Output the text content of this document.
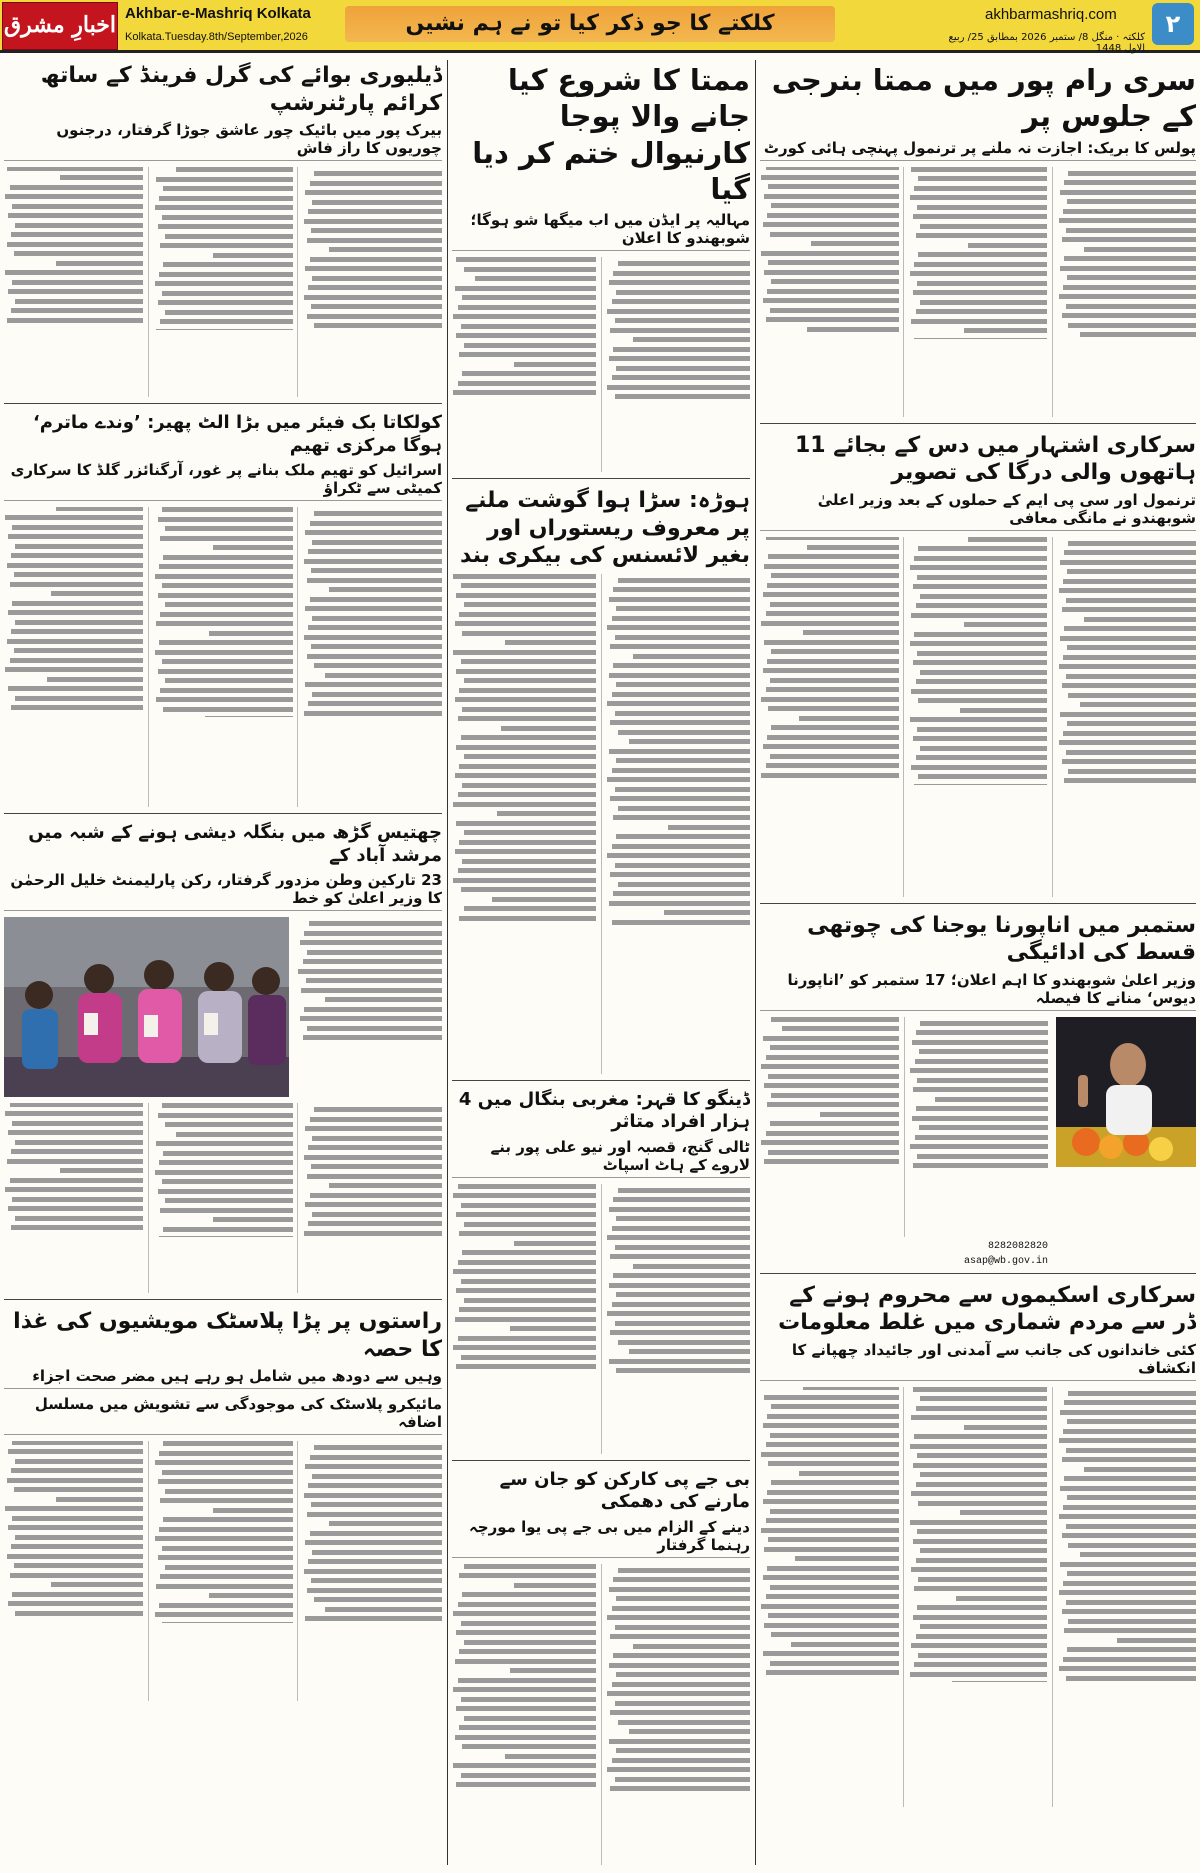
اخبارِ مشرق Akhbar-e-Mashriq Kolkata
Kolkata.Tuesday.8th/September,2026
کلکتے کا جو ذکر کیا تو نے ہم نشیں	akhbarmashriq.com
کلکتہ · منگل 8/ ستمبر 2026 بمطابق 25/ ربیع الاول 1448
۲
سری رام پور میں ممتا بنرجی کے جلوس پر
پولس کا بریک: اجازت نہ ملنے پر ترنمول پہنچی ہائی کورٹ
سرکاری اشتہار میں دس کے بجائے 11 ہاتھوں والی درگا کی تصویر
ترنمول اور سی پی ایم کے حملوں کے بعد وزیر اعلیٰ شوبھندو نے مانگی معافی
ستمبر میں اناپورنا یوجنا کی چوتھی قسط کی ادائیگی
وزیر اعلیٰ شوبھندو کا اہم اعلان؛ 17 ستمبر کو ’اناپورنا دیوس‘ منانے کا فیصلہ
8282082820
asap@wb.gov.in
سرکاری اسکیموں سے محروم ہونے کے ڈر سے مردم شماری میں غلط معلومات
کئی خاندانوں کی جانب سے آمدنی اور جائیداد چھپانے کا انکشاف
ممتا کا شروع کیا جانے والا پوجا کارنیوال ختم کر دیا گیا
مہالیہ پر ایڈن میں اب میگھا شو ہوگا؛ شوبھندو کا اعلان
ہوڑہ: سڑا ہوا گوشت ملنے پر معروف ریستوراں اور بغیر لائسنس کی بیکری بند
ڈینگو کا قہر: مغربی بنگال میں 4 ہزار افراد متاثر
ٹالی گنج، قصبہ اور نیو علی پور بنے لاروے کے ہاٹ اسپاٹ
بی جے پی کارکن کو جان سے مارنے کی دھمکی
دینے کے الزام میں بی جے پی یوا مورچہ رہنما گرفتار
ڈیلیوری بوائے کی گرل فرینڈ کے ساتھ کرائم پارٹنرشپ
بیرک پور میں بائیک چور عاشق جوڑا گرفتار، درجنوں چوریوں کا راز فاش
کولکاتا بک فیئر میں بڑا الٹ پھیر: ’وندے ماترم‘ ہوگا مرکزی تھیم
اسرائیل کو تھیم ملک بنانے پر غور، آرگنائزر گلڈ کا سرکاری کمیٹی سے ٹکراؤ
چھتیس گڑھ میں بنگلہ دیشی ہونے کے شبہ میں مرشد آباد کے
23 تارکین وطن مزدور گرفتار، رکن پارلیمنٹ خلیل الرحمٰن کا وزیر اعلیٰ کو خط
راستوں پر پڑا پلاسٹک مویشیوں کی غذا کا حصہ
وہیں سے دودھ میں شامل ہو رہے ہیں مضر صحت اجزاء
مائیکرو پلاسٹک کی موجودگی سے تشویش میں مسلسل اضافہ
